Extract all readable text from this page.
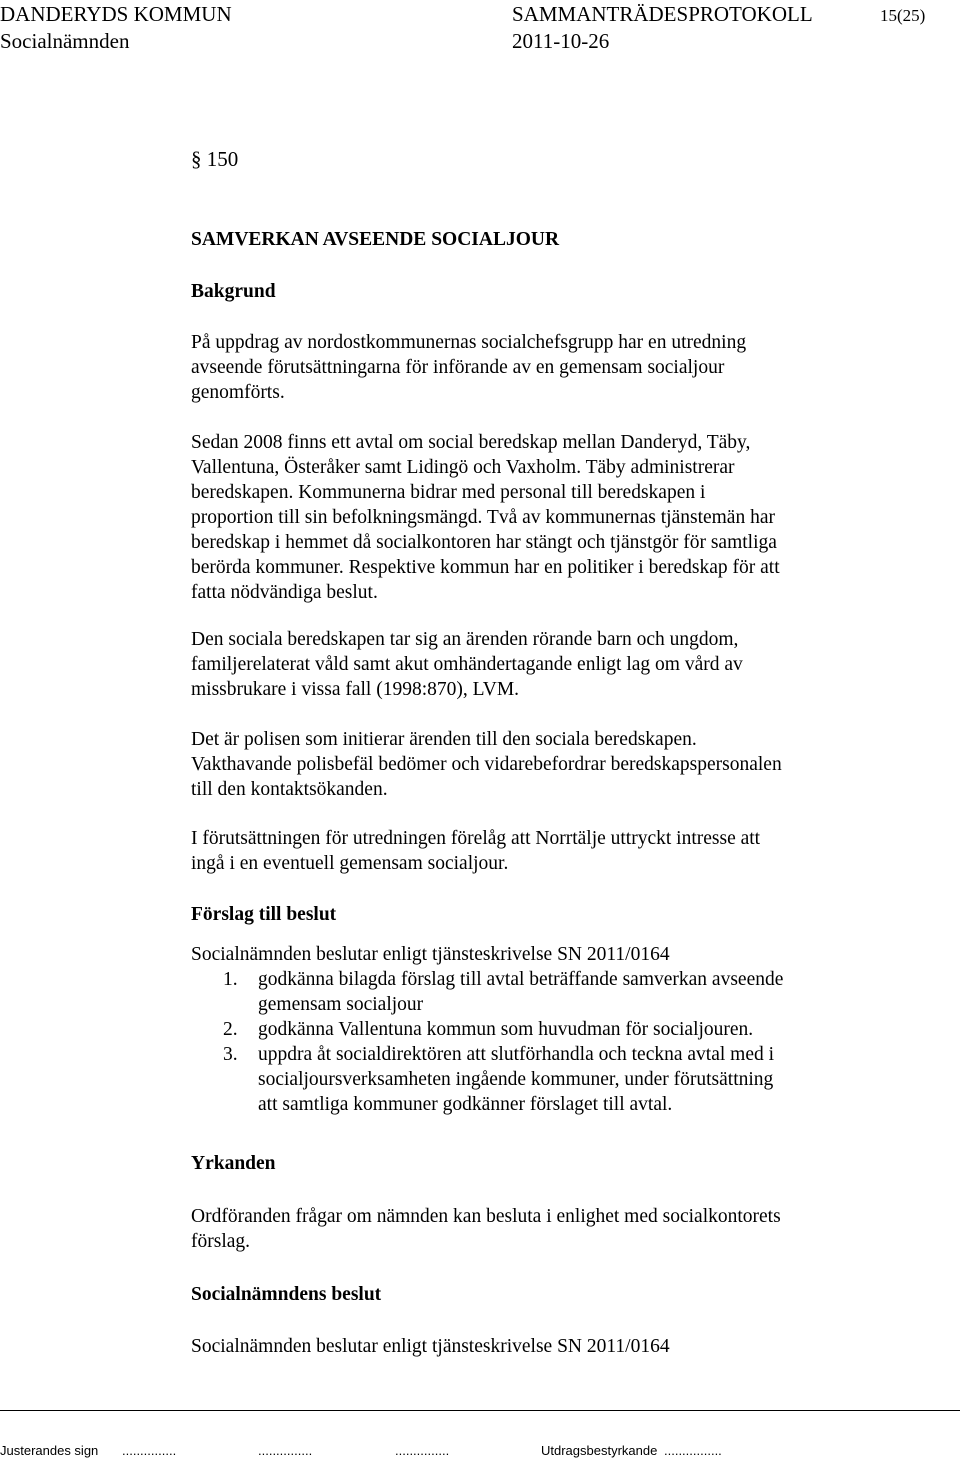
DANDERYDS KOMMUN	SAMMANTRÄDESPROTOKOLL	15(25)
Socialnämnden	2011-10-26
§ 150
SAMVERKAN AVSEENDE SOCIALJOUR
Bakgrund
På uppdrag av nordostkommunernas socialchefsgrupp har en utredning
avseende förutsättningarna för införande av en gemensam socialjour
genomförts.
Sedan 2008 finns ett avtal om social beredskap mellan Danderyd, Täby,
Vallentuna, Österåker samt Lidingö och Vaxholm. Täby administrerar
beredskapen. Kommunerna bidrar med personal till beredskapen i
proportion till sin befolkningsmängd. Två av kommunernas tjänstemän har
beredskap i hemmet då socialkontoren har stängt och tjänstgör för samtliga
berörda kommuner. Respektive kommun har en politiker i beredskap för att
fatta nödvändiga beslut.
Den sociala beredskapen tar sig an ärenden rörande barn och ungdom,
familjerelaterat våld samt akut omhändertagande enligt lag om vård av
missbrukare i vissa fall (1998:870), LVM.
Det är polisen som initierar ärenden till den sociala beredskapen.
Vakthavande polisbefäl bedömer och vidarebefordrar beredskapspersonalen
till den kontaktsökanden.
I förutsättningen för utredningen förelåg att Norrtälje uttryckt intresse att
ingå i en eventuell gemensam socialjour.
Förslag till beslut
Socialnämnden beslutar enligt tjänsteskrivelse SN 2011/0164
1. godkänna bilagda förslag till avtal beträffande samverkan avseende
gemensam socialjour
2. godkänna Vallentuna kommun som huvudman för socialjouren.
3. uppdra åt socialdirektören att slutförhandla och teckna avtal med i
socialjoursverksamheten ingående kommuner, under förutsättning
att samtliga kommuner godkänner förslaget till avtal.
Yrkanden
Ordföranden frågar om nämnden kan besluta i enlighet med socialkontorets
förslag.
Socialnämndens beslut
Socialnämnden beslutar enligt tjänsteskrivelse SN 2011/0164
Justerandes sign ...............	...............	...............	Utdragsbestyrkande ................
